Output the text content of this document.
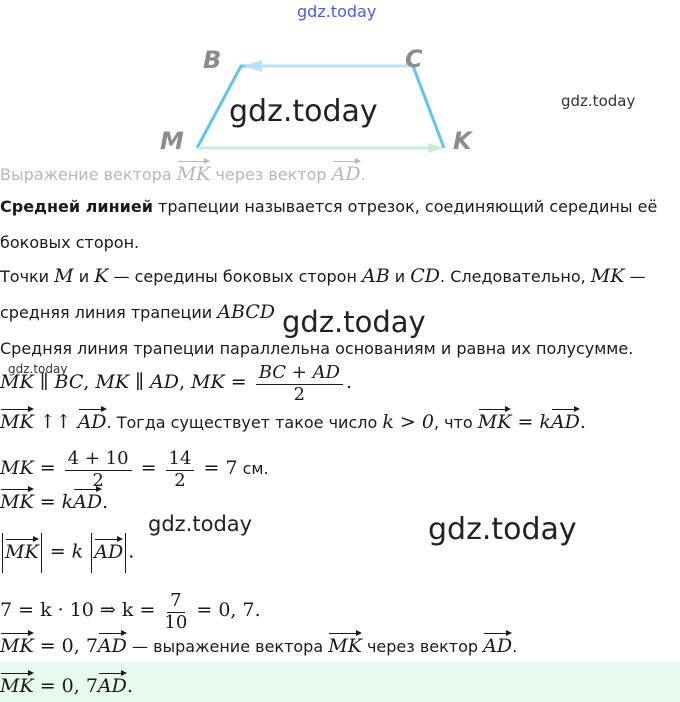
gdz.today
gdz.today
B	C
M	K
gdz.today
Выражение вектора MK через вектор AD.
Средней линией трапеции называется отрезок, соединяющий середины её
боковых сторон.
Точки M и K — середины боковых сторон AB и CD. Следовательно, MK —
средняя линия трапеции ABCD gdz.today
Средняя линия трапеции параллельна основаниям и равна их полусумме.
gdz.today
MK ∥ BC, MK ∥ AD, MK = $\frac{BC + AD}{2}$ .
MK ↑↑ AD. Тогда существует такое число k > 0, что MK = kAD.
MK = $\frac{4 + 10}{2} = \frac{14}{2} = 7$ см.
MK = kAD.
MK = k AD .
gdz.today	gdz.today
7 = k · 10 ⇒ $k = \frac{7}{10} = 0$, 7.
MK = 0, 7AD — выражение вектора MK через вектор AD.
MK = 0, 7AD.
